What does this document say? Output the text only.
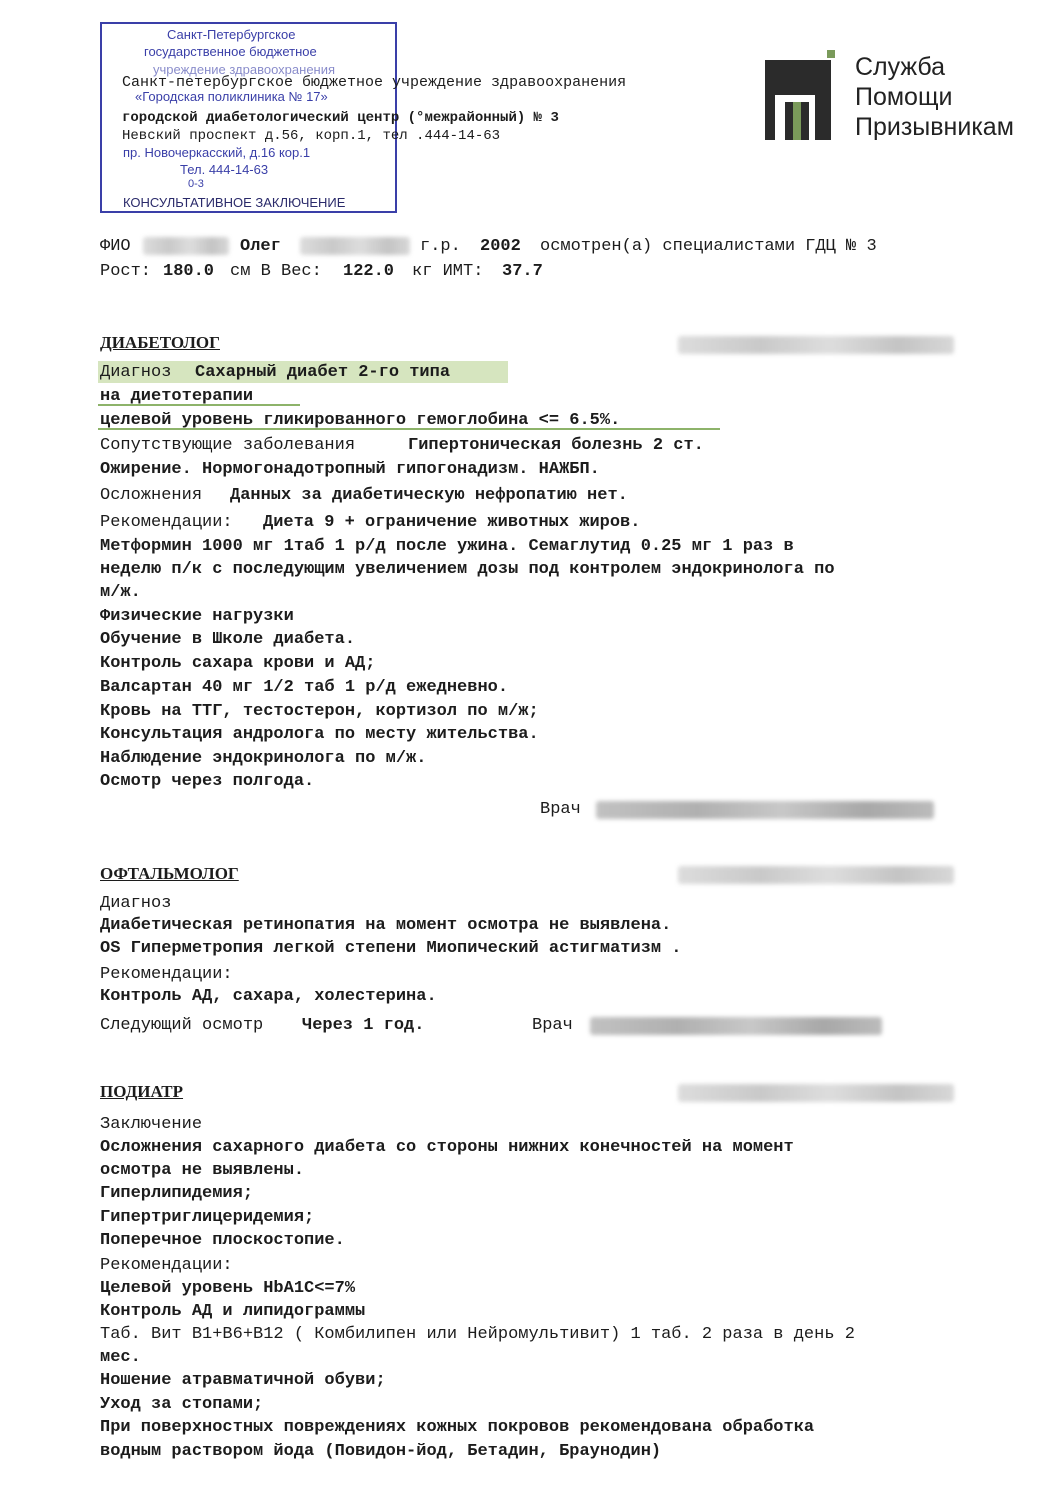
Санкт-Петербургское
государственное бюджетное
учреждение здравоохранения
«Городская поликлиника № 17»
пр. Новочеркасский, д.16 кор.1
Тел. 444-14-63
0-3
Санкт-петербургское бюджетное учреждение здравоохранения
городской диабетологический центр (°межрайонный) № 3
Невский проспект д.56, корп.1, тел .444-14-63
КОНСУЛЬТАТИВНОЕ ЗАКЛЮЧЕНИЕ
Служба
Помощи
Призывникам
ФИО	Олег	г.р. 2002 осмотрен(а) специалистами ГДЦ № 3
Рост: 180.0 см В Вес: 122.0 кг ИМТ: 37.7
ДИАБЕТОЛОГ
Диагноз Сахарный диабет 2-го типа
на диетотерапии
целевой уровень гликированного гемоглобина <= 6.5%.
Сопутствующие заболевания	Гипертоническая болезнь 2 ст.
Ожирение. Нормогонадотропный гипогонадизм. НАЖБП.
Осложнения Данных за диабетическую нефропатию нет.
Рекомендации: Диета 9 + ограничение животных жиров.
Метформин 1000 мг 1таб 1 р/д после ужина. Семаглутид 0.25 мг 1 раз в
неделю п/к с последующим увеличением дозы под контролем эндокринолога по
м/ж.
Физические нагрузки
Обучение в Школе диабета.
Контроль сахара крови и АД;
Валсартан 40 мг 1/2 таб 1 р/д ежедневно.
Кровь на ТТГ, тестостерон, кортизол по м/ж;
Консультация андролога по месту жительства.
Наблюдение эндокринолога по м/ж.
Осмотр через полгода.
Врач
ОФТАЛЬМОЛОГ
Диагноз
Диабетическая ретинопатия на момент осмотра не выявлена.
OS Гиперметропия легкой степени Миопический астигматизм .
Рекомендации:
Контроль АД, сахара, холестерина.
Следующий осмотр Через 1 год.	Врач
ПОДИАТР
Заключение
Осложнения сахарного диабета со стороны нижних конечностей на момент
осмотра не выявлены.
Гиперлипидемия;
Гипертриглицеридемия;
Поперечное плоскостопие.
Рекомендации:
Целевой уровень HbA1C<=7%
Контроль АД и липидограммы
Таб. Вит В1+В6+В12 ( Комбилипен или Нейромультивит) 1 таб. 2 раза в день 2
мес.
Ношение атравматичной обуви;
Уход за стопами;
При поверхностных повреждениях кожных покровов рекомендована обработка
водным раствором йода (Повидон-йод, Бетадин, Браунодин)
